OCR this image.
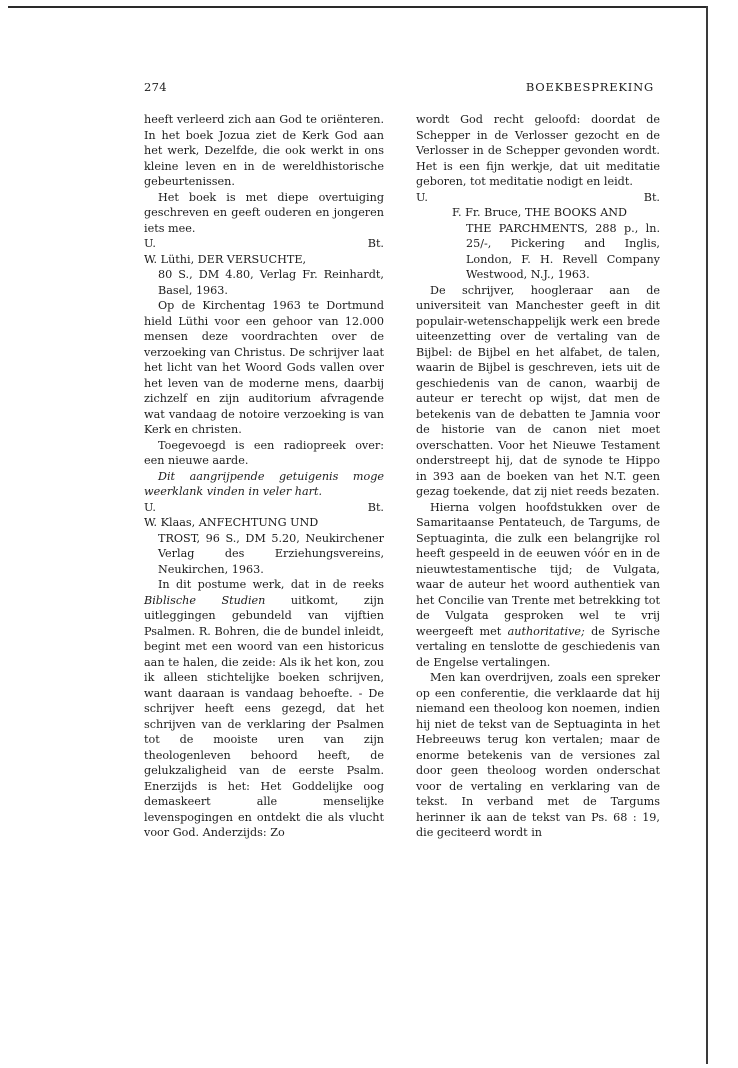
274	BOEKBESPREKING

heeft verleerd zich aan God te oriënteren. In het boek Jozua ziet de Kerk God aan het werk, Dezelfde, die ook werkt in ons kleine leven en in de wereldhistorische gebeurtenissen.

Het boek is met diepe overtuiging geschreven en geeft ouderen en jongeren iets mee.

U.	Bt.

W. Lüthi, DER VERSUCHTE,
80 S., DM 4.80, Verlag Fr. Reinhardt, Basel, 1963.

Op de Kirchentag 1963 te Dortmund hield Lüthi voor een gehoor van 12.000 mensen deze voordrachten over de verzoeking van Christus. De schrijver laat het licht van het Woord Gods vallen over het leven van de moderne mens, daarbij zichzelf en zijn auditorium afvragende wat vandaag de notoire verzoeking is van Kerk en christen.

Toegevoegd is een radiopreek over: een nieuwe aarde.

Dit aangrijpende getuigenis moge weerklank vinden in veler hart.

U.	Bt.

W. Klaas, ANFECHTUNG UND
TROST, 96 S., DM 5.20, Neukirchener Verlag des Erziehungsvereins, Neukirchen, 1963.

In dit postume werk, dat in de reeks Biblische Studien uitkomt, zijn uitleggingen gebundeld van vijftien Psalmen. R. Bohren, die de bundel inleidt, begint met een woord van een historicus aan te halen, die zeide: Als ik het kon, zou ik alleen stichtelijke boeken schrijven, want daaraan is vandaag behoefte. - De schrijver heeft eens gezegd, dat het schrijven van de verklaring der Psalmen tot de mooiste uren van zijn theologenleven behoord heeft, de gelukzaligheid van de eerste Psalm. Enerzijds is het: Het Goddelijke oog demaskeert alle menselijke levenspogingen en ontdekt die als vlucht voor God. Anderzijds: Zo

wordt God recht geloofd: doordat de Schepper in de Verlosser gezocht en de Verlosser in de Schepper gevonden wordt. Het is een fijn werkje, dat uit meditatie geboren, tot meditatie nodigt en leidt.

U.	Bt.

F. Fr. Bruce, THE BOOKS AND
THE PARCHMENTS, 288 p., ln. 25/-, Pickering and Inglis, London, F. H. Revell Company Westwood, N.J., 1963.

De schrijver, hoogleraar aan de universiteit van Manchester geeft in dit populair-wetenschappelijk werk een brede uiteenzetting over de vertaling van de Bijbel: de Bijbel en het alfabet, de talen, waarin de Bijbel is geschreven, iets uit de geschiedenis van de canon, waarbij de auteur er terecht op wijst, dat men de betekenis van de debatten te Jamnia voor de historie van de canon niet moet overschatten. Voor het Nieuwe Testament onderstreept hij, dat de synode te Hippo in 393 aan de boeken van het N.T. geen gezag toekende, dat zij niet reeds bezaten.

Hierna volgen hoofdstukken over de Samaritaanse Pentateuch, de Targums, de Septuaginta, die zulk een belangrijke rol heeft gespeeld in de eeuwen vóór en in de nieuwtestamentische tijd; de Vulgata, waar de auteur het woord authentiek van het Concilie van Trente met betrekking tot de Vulgata gesproken wel te vrij weergeeft met authoritative; de Syrische vertaling en tenslotte de geschiedenis van de Engelse vertalingen.

Men kan overdrijven, zoals een spreker op een conferentie, die verklaarde dat hij niemand een theoloog kon noemen, indien hij niet de tekst van de Septuaginta in het Hebreeuws terug kon vertalen; maar de enorme betekenis van de versiones zal door geen theoloog worden onderschat voor de vertaling en verklaring van de tekst. In verband met de Targums herinner ik aan de tekst van Ps. 68 : 19, die geciteerd wordt in
